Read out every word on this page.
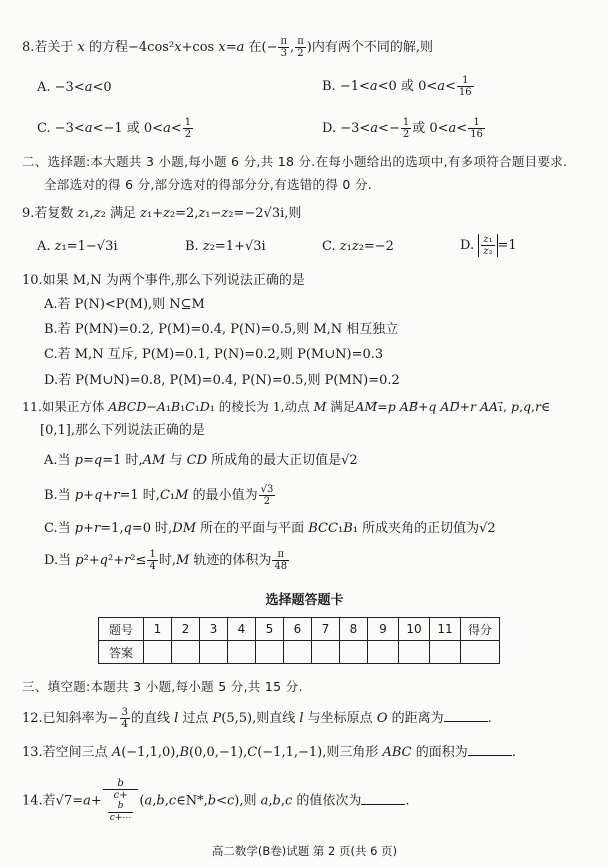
8.若关于 x 的方程−4cos²x+cos x=a 在(− $\frac{\pi}{3}$ , $\frac{\pi}{2}$ )内有两个不同的解,则
A. −3<a<0	B. −1<a<0 或 $0<a< \frac{1}{16}$
C. −3<a<−1 或 $0<a< \frac{1}{2}$	D. $-3<a<- \frac{1}{2}$ 或 $0<a< \frac{1}{16}$
二、选择题:本大题共 3 小题,每小题 6 分,共 18 分.在每小题给出的选项中,有多项符合题目要求.
全部选对的得 6 分,部分选对的得部分分,有选错的得 0 分.
9.若复数 z₁,z₂ 满足 z₁+z₂=2,z₁−z₂=−2√3i,则
A. z₁=1−√3i	B. z₂=1+√3i	C. z₁z₂=−2	D. $\frac{\text{z₁}}{\text{z₂}} =1$
10.如果 M,N 为两个事件,那么下列说法正确的是
A.若 P(N)<P(M),则 N⊆M
B.若 P(MN)=0.2, P(M)=0.4, P(N)=0.5,则 M,N 相互独立
C.若 M,N 互斥, P(M)=0.1, P(N)=0.2,则 P(M∪N)=0.3
D.若 P(M∪N)=0.8, P(M)=0.4, P(N)=0.5,则 P(MN)=0.2
11.如果正方体 ABCD−A₁B₁C₁D₁ 的棱长为 1,动点 M 满足AM⃗=p AB⃗+q AD⃗+r AA₁⃗, p,q,r∈
[0,1],那么下列说法正确的是
A.当 p=q=1 时,AM 与 CD 所成角的最大正切值是√2
B.当 p+q+r=1 时,C₁M 的最小值为 $\frac{√3}{2}$
C.当 p+r=1,q=0 时,DM 所在的平面与平面 BCC₁B₁ 所成夹角的正切值为√2
D.当 $p^2+q^2+r^2\le \frac{1}{4}$ 时,M 轨迹的体积为 $\frac{\pi}{48}$
选择题答题卡
题号	1	2	3	4	5	6	7	8	9	10	11	得分
答案												
三、填空题:本题共 3 小题,每小题 5 分,共 15 分.
12.已知斜率为− $\frac{3}{4}$ 的直线 l 过点 P(5,5),则直线 l 与坐标原点 O 的距离为	.
13.若空间三点 A(−1,1,0),B(0,0,−1),C(−1,1,−1),则三角形 ABC 的面积为	.
14.若√7=a+ b
c+
b
c+⋯ (a,b,c∈N*,b<c),则 a,b,c 的值依次为	.
高二数学(B卷)试题 第 2 页(共 6 页)
